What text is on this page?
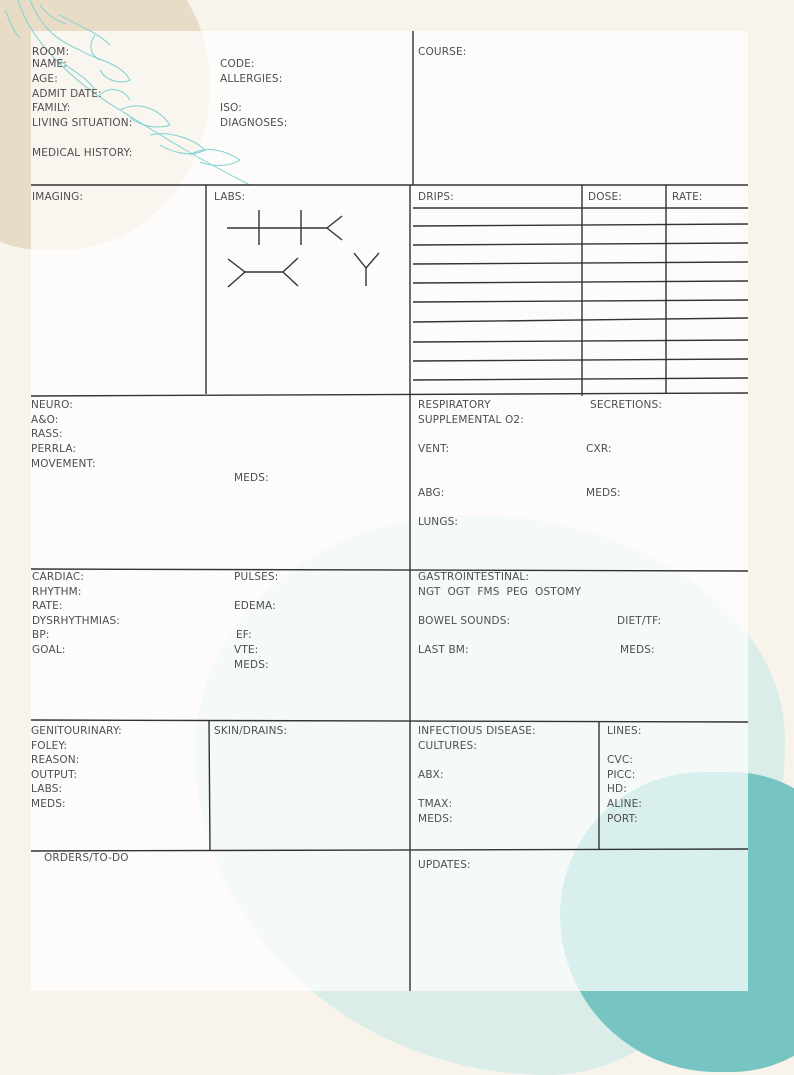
ROOM:
NAME:
AGE:
ADMIT DATE:
FAMILY:
LIVING SITUATION:
MEDICAL HISTORY:
CODE:
ALLERGIES:
ISO:
DIAGNOSES:
COURSE:
IMAGING:	LABS:	DRIPS:	DOSE:	RATE:
NEURO:
A&O:
RASS:
PERRLA:
MOVEMENT:
MEDS:
RESPIRATORY	SECRETIONS:
SUPPLEMENTAL O2:
VENT:	CXR:
ABG:	MEDS:
LUNGS:
CARDIAC:
RHYTHM:
RATE:
DYSRHYTHMIAS:
BP:
GOAL:
PULSES:
EDEMA:
EF:
VTE:
MEDS:
GASTROINTESTINAL:
NGT  OGT  FMS  PEG  OSTOMY
BOWEL SOUNDS:	DIET/TF:
LAST BM:	MEDS:
GENITOURINARY:
FOLEY:
REASON:
OUTPUT:
LABS:
MEDS:
SKIN/DRAINS:	INFECTIOUS DISEASE:
CULTURES:
ABX:
TMAX:
MEDS:
LINES:
CVC:
PICC:
HD:
ALINE:
PORT:
ORDERS/TO-DO
UPDATES:
